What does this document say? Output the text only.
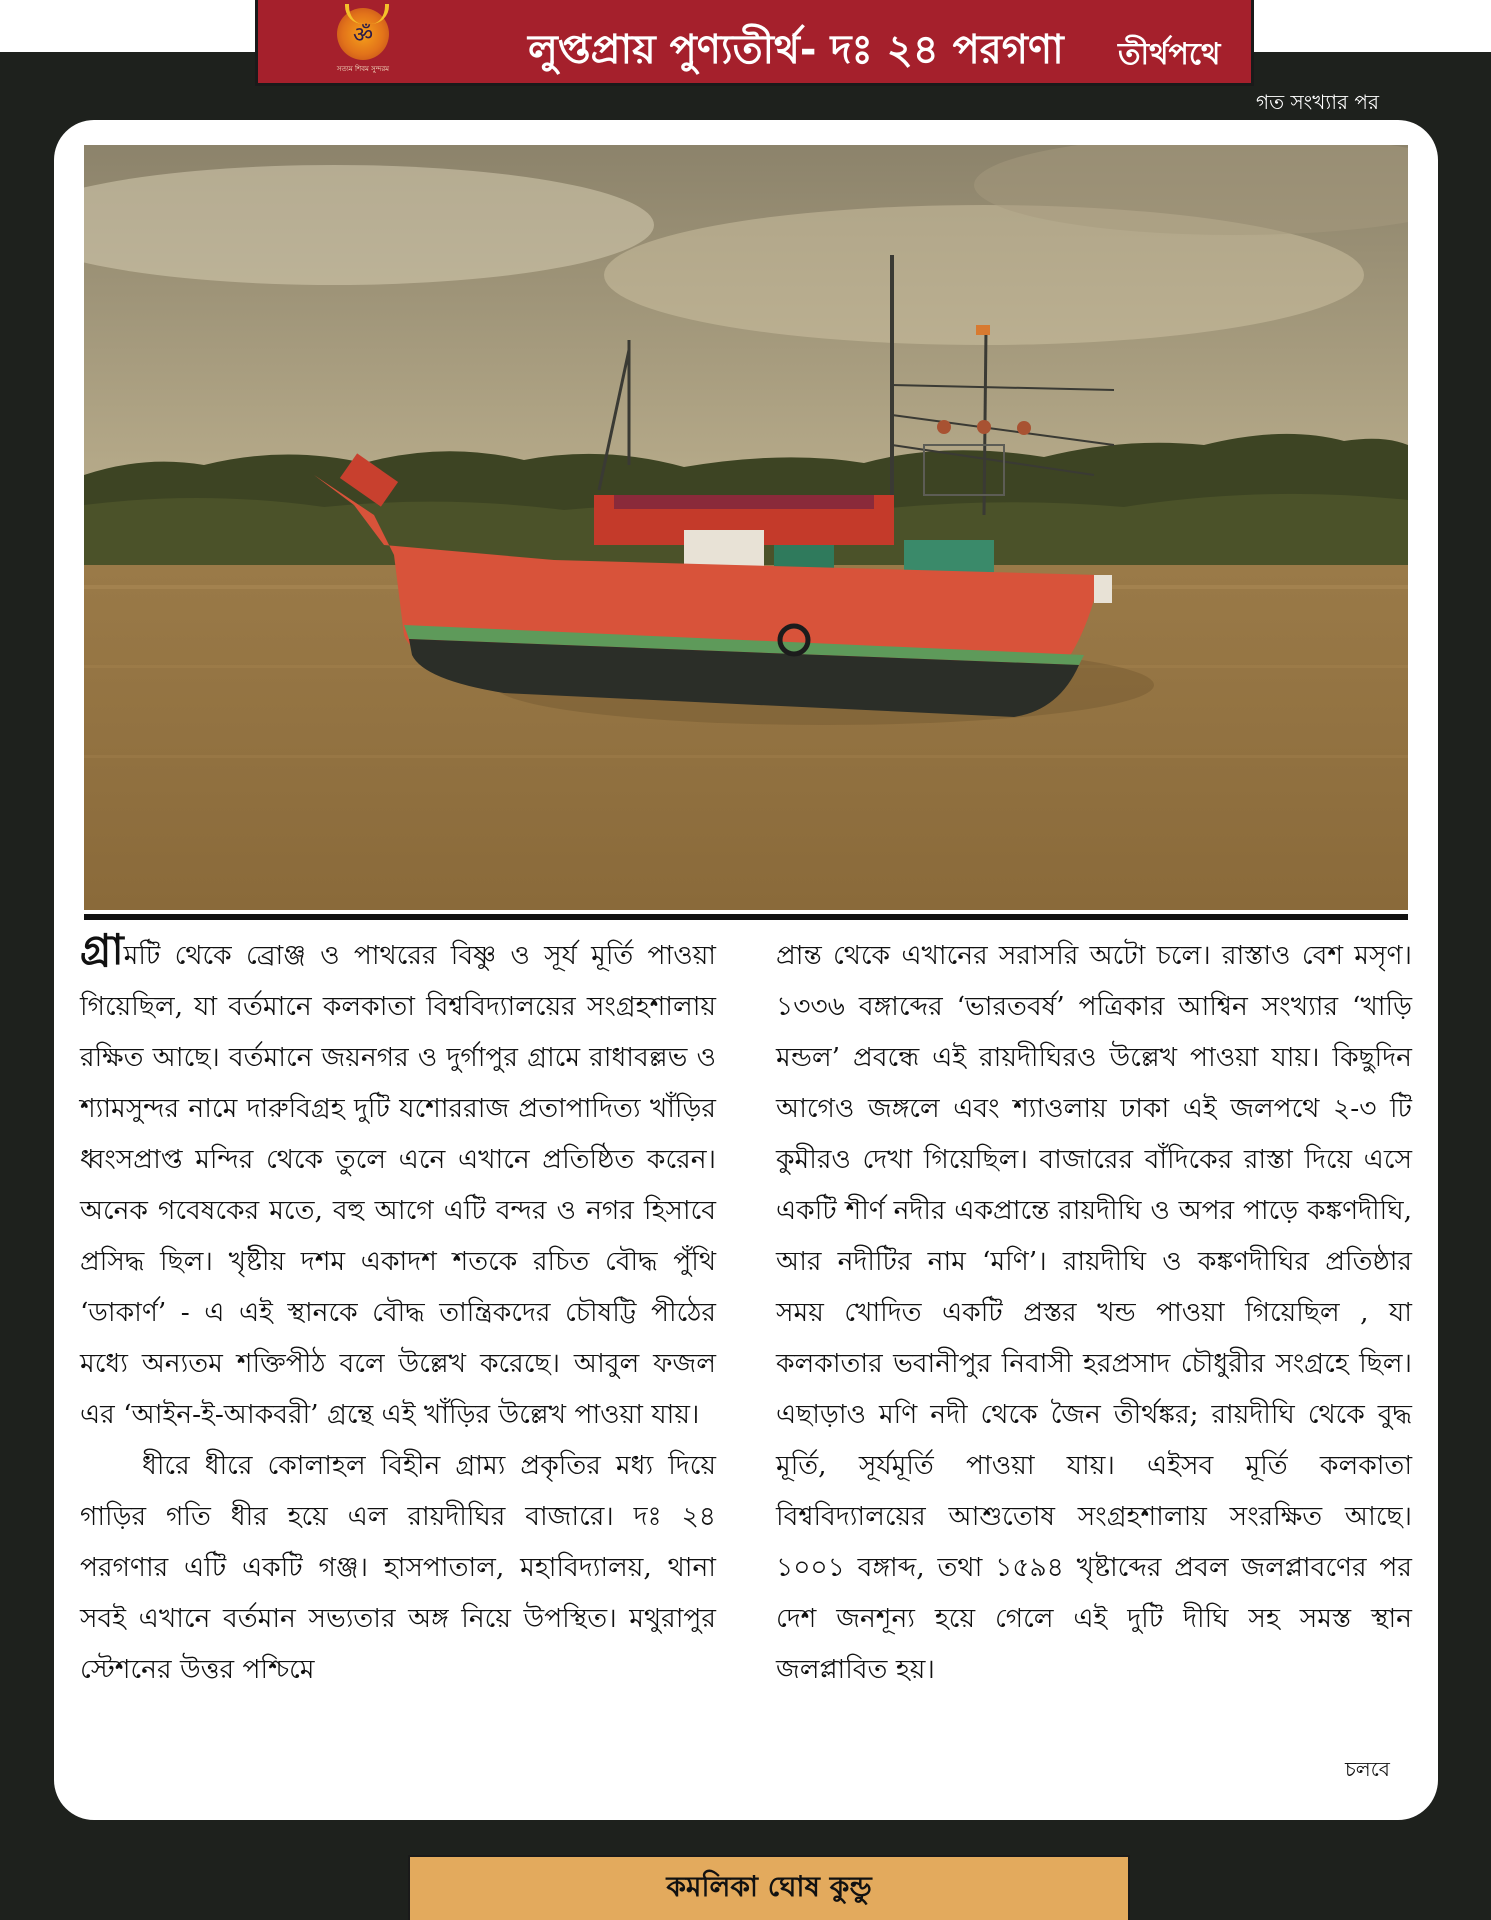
ॐ
সত্যম শিবম সুন্দরম	লুপ্তপ্রায় পুণ্যতীর্থ- দঃ ২৪ পরগণা তীর্থপথে
গত সংখ্যার পর

গ্রামটি থেকে ব্রোঞ্জ ও পাথরের বিষ্ণু ও সূর্য মূর্তি পাওয়া গিয়েছিল, যা বর্তমানে কলকাতা বিশ্ববিদ্যালয়ের সংগ্রহশালায় রক্ষিত আছে। বর্তমানে জয়নগর ও দুর্গাপুর গ্রামে রাধাবল্লভ ও শ্যামসুন্দর নামে দারুবিগ্রহ দুটি যশোররাজ প্রতাপাদিত্য খাঁড়ির ধ্বংসপ্রাপ্ত মন্দির থেকে তুলে এনে এখানে প্রতিষ্ঠিত করেন। অনেক গবেষকের মতে, বহু আগে এটি বন্দর ও নগর হিসাবে প্রসিদ্ধ ছিল। খৃষ্টীয় দশম একাদশ শতকে রচিত বৌদ্ধ পুঁথি ‘ডাকার্ণ’ - এ এই স্থানকে বৌদ্ধ তান্ত্রিকদের চৌষট্টি পীঠের মধ্যে অন্যতম শক্তিপীঠ বলে উল্লেখ করেছে। আবুল ফজল এর ‘আইন-ই-আকবরী’ গ্রন্থে এই খাঁড়ির উল্লেখ পাওয়া যায়।

ধীরে ধীরে কোলাহল বিহীন গ্রাম্য প্রকৃতির মধ্য দিয়ে গাড়ির গতি ধীর হয়ে এল রায়দীঘির বাজারে। দঃ ২৪ পরগণার এটি একটি গঞ্জ। হাসপাতাল, মহাবিদ্যালয়, থানা সবই এখানে বর্তমান সভ্যতার অঙ্গ নিয়ে উপস্থিত। মথুরাপুর স্টেশনের উত্তর পশ্চিমে

প্রান্ত থেকে এখানের সরাসরি অটো চলে। রাস্তাও বেশ মসৃণ। ১৩৩৬ বঙ্গাব্দের ‘ভারতবর্ষ’ পত্রিকার আশ্বিন সংখ্যার ‘খাড়ি মন্ডল’ প্রবন্ধে এই রায়দীঘিরও উল্লেখ পাওয়া যায়। কিছুদিন আগেও জঙ্গলে এবং শ্যাওলায় ঢাকা এই জলপথে ২-৩ টি কুমীরও দেখা গিয়েছিল। বাজারের বাঁদিকের রাস্তা দিয়ে এসে একটি শীর্ণ নদীর একপ্রান্তে রায়দীঘি ও অপর পাড়ে কঙ্কণদীঘি, আর নদীটির নাম ‘মণি’। রায়দীঘি ও কঙ্কণদীঘির প্রতিষ্ঠার সময় খোদিত একটি প্রস্তর খন্ড পাওয়া গিয়েছিল , যা কলকাতার ভবানীপুর নিবাসী হরপ্রসাদ চৌধুরীর সংগ্রহে ছিল। এছাড়াও মণি নদী থেকে জৈন তীর্থঙ্কর; রায়দীঘি থেকে বুদ্ধ মূর্তি, সূর্যমূর্তি পাওয়া যায়। এইসব মূর্তি কলকাতা বিশ্ববিদ্যালয়ের আশুতোষ সংগ্রহশালায় সংরক্ষিত আছে। ১০০১ বঙ্গাব্দ, তথা ১৫৯৪ খৃষ্টাব্দের প্রবল জলপ্লাবণের পর দেশ জনশূন্য হয়ে গেলে এই দুটি দীঘি সহ সমস্ত স্থান জলপ্লাবিত হয়।

চলবে
কমলিকা ঘোষ কুন্ডু
